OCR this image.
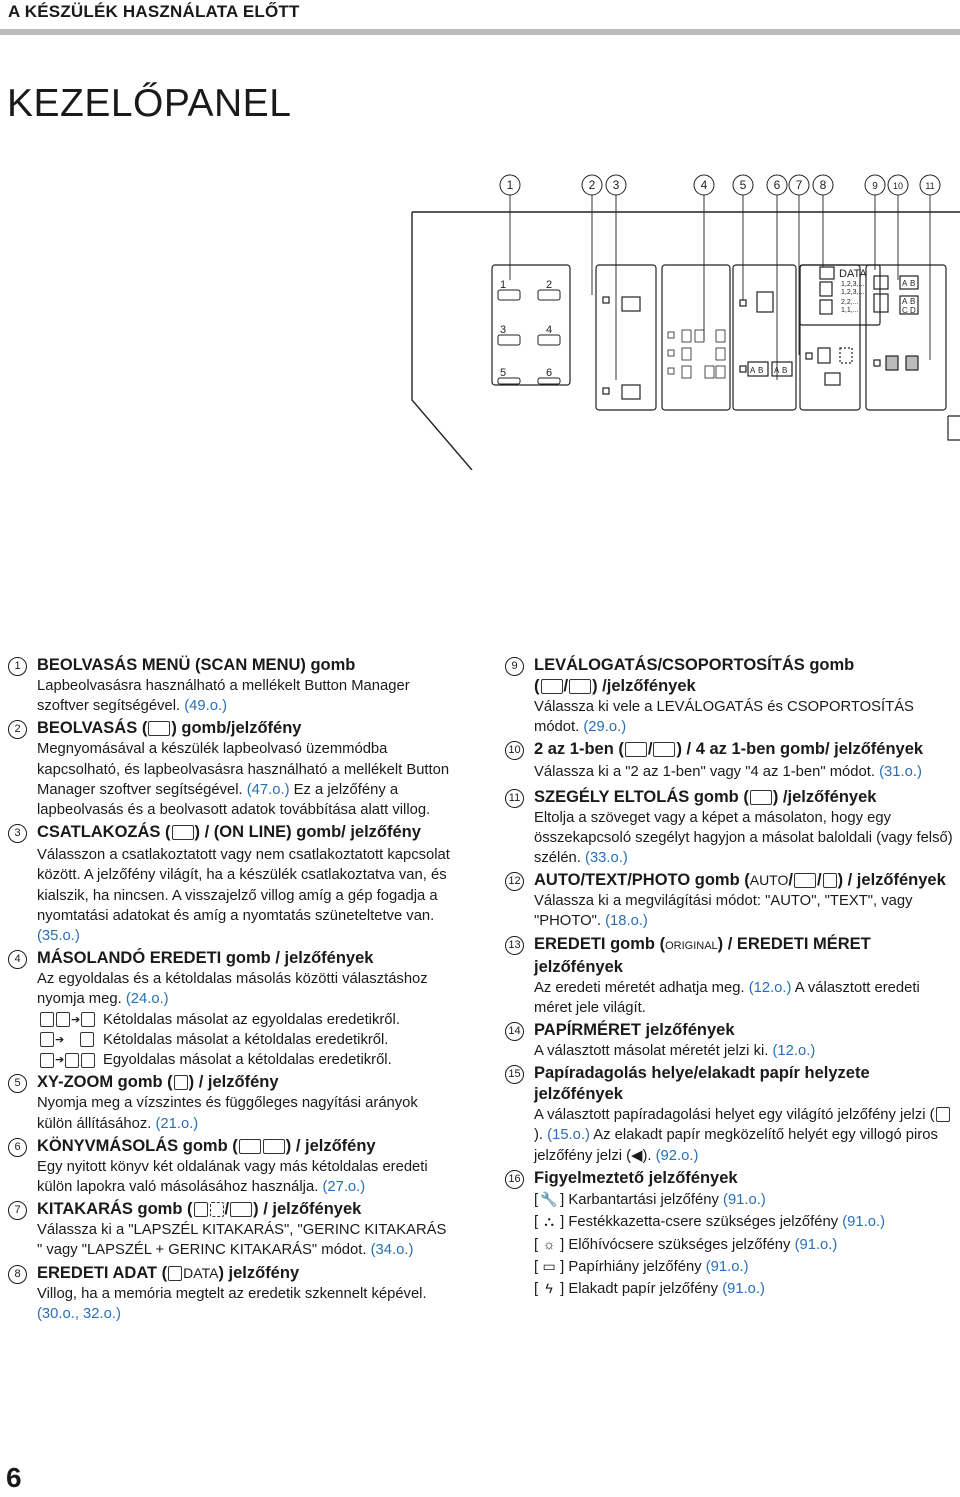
A KÉSZÜLÉK HASZNÁLATA ELŐTT
KEZELŐPANEL
1	2 3	4	5 6 7 8	9 10 11
1	2
3	4
5	6	A B A B
DATA
1,2,3,...
1,2,3,...
2,2,...
1,1,...
A B
A B
C D
1 BEOLVASÁS MENÜ (SCAN MENU) gomb
Lapbeolvasásra használható a mellékelt Button Manager szoftver segítségével. (49.o.)
2 BEOLVASÁS ( ) gomb/jelzőfény
Megnyomásával a készülék lapbeolvasó üzemmódba kapcsolható, és lapbeolvasásra használható a mellékelt Button Manager szoftver segítségével. (47.o.) Ez a jelzőfény a lapbeolvasás és a beolvasott adatok továbbítása alatt villog.
3 CSATLAKOZÁS ( ) / (ON LINE) gomb/ jelzőfény
Válasszon a csatlakoztatott vagy nem csatlakoztatott kapcsolat között. A jelzőfény világít, ha a készülék csatlakoztatva van, és kialszik, ha nincsen. A visszajelző villog amíg a gép fogadja a nyomtatási adatokat és amíg a nyomtatás szüneteltetve van. (35.o.)
4 MÁSOLANDÓ EREDETI gomb / jelzőfények
Az egyoldalas és a kétoldalas másolás közötti választáshoz nyomja meg. (24.o.)
➔ Kétoldalas másolat az egyoldalas eredetikről.
➔	Kétoldalas másolat a kétoldalas eredetikről.
➔	Egyoldalas másolat a kétoldalas eredetikről.
5 XY-ZOOM gomb ( ) / jelzőfény
Nyomja meg a vízszintes és függőleges nagyítási arányok külön állításához. (21.o.)
6 KÖNYVMÁSOLÁS gomb (	) / jelzőfény
Egy nyitott könyv két oldalának vagy más kétoldalas eredeti külön lapokra való másolásához használja. (27.o.)
7 KITAKARÁS gomb ( / ) / jelzőfények
Válassza ki a "LAPSZÉL KITAKARÁS", "GERINC KITAKARÁS " vagy "LAPSZÉL + GERINC KITAKARÁS" módot. (34.o.)
8 EREDETI ADAT ( DATA) jelzőfény
Villog, ha a memória megtelt az eredetik szkennelt képével. (30.o., 32.o.)
9 LEVÁLOGATÁS/CSOPORTOSÍTÁS gomb
( / ) /jelzőfények
Válassza ki vele a LEVÁLOGATÁS és CSOPORTOSÍTÁS módot. (29.o.)
10 2 az 1-ben ( / ) / 4 az 1-ben gomb/ jelzőfények
Válassza ki a "2 az 1-ben" vagy "4 az 1-ben" módot. (31.o.)
11 SZEGÉLY ELTOLÁS gomb ( ) /jelzőfények
Eltolja a szöveget vagy a képet a másolaton, hogy egy összekapcsoló szegélyt hagyjon a másolat baloldali (vagy felső) szélén. (33.o.)
12 AUTO/TEXT/PHOTO gomb (AUTO/ / ) / jelzőfények
Válassza ki a megvilágítási módot: "AUTO", "TEXT", vagy "PHOTO". (18.o.)
13 EREDETI gomb (ORIGINAL) / EREDETI MÉRET jelzőfények
Az eredeti méretét adhatja meg. (12.o.) A választott eredeti méret jele világít.
14 PAPÍRMÉRET jelzőfények
A választott másolat méretét jelzi ki. (12.o.)
15 Papíradagolás helye/elakadt papír helyzete jelzőfények
A választott papíradagolási helyet egy világító jelzőfény jelzi (). (15.o.) Az elakadt papír megközelítő helyét egy villogó piros jelzőfény jelzi (◀). (92.o.)
16 Figyelmeztető jelzőfények
[ 🔧 ] Karbantartási jelzőfény (91.o.)
[ ⛬ ] Festékkazetta-csere szükséges jelzőfény (91.o.)
[ ☼ ] Előhívócsere szükséges jelzőfény (91.o.)
[ ▭ ] Papírhiány jelzőfény (91.o.)
[ ϟ ] Elakadt papír jelzőfény (91.o.)
6
